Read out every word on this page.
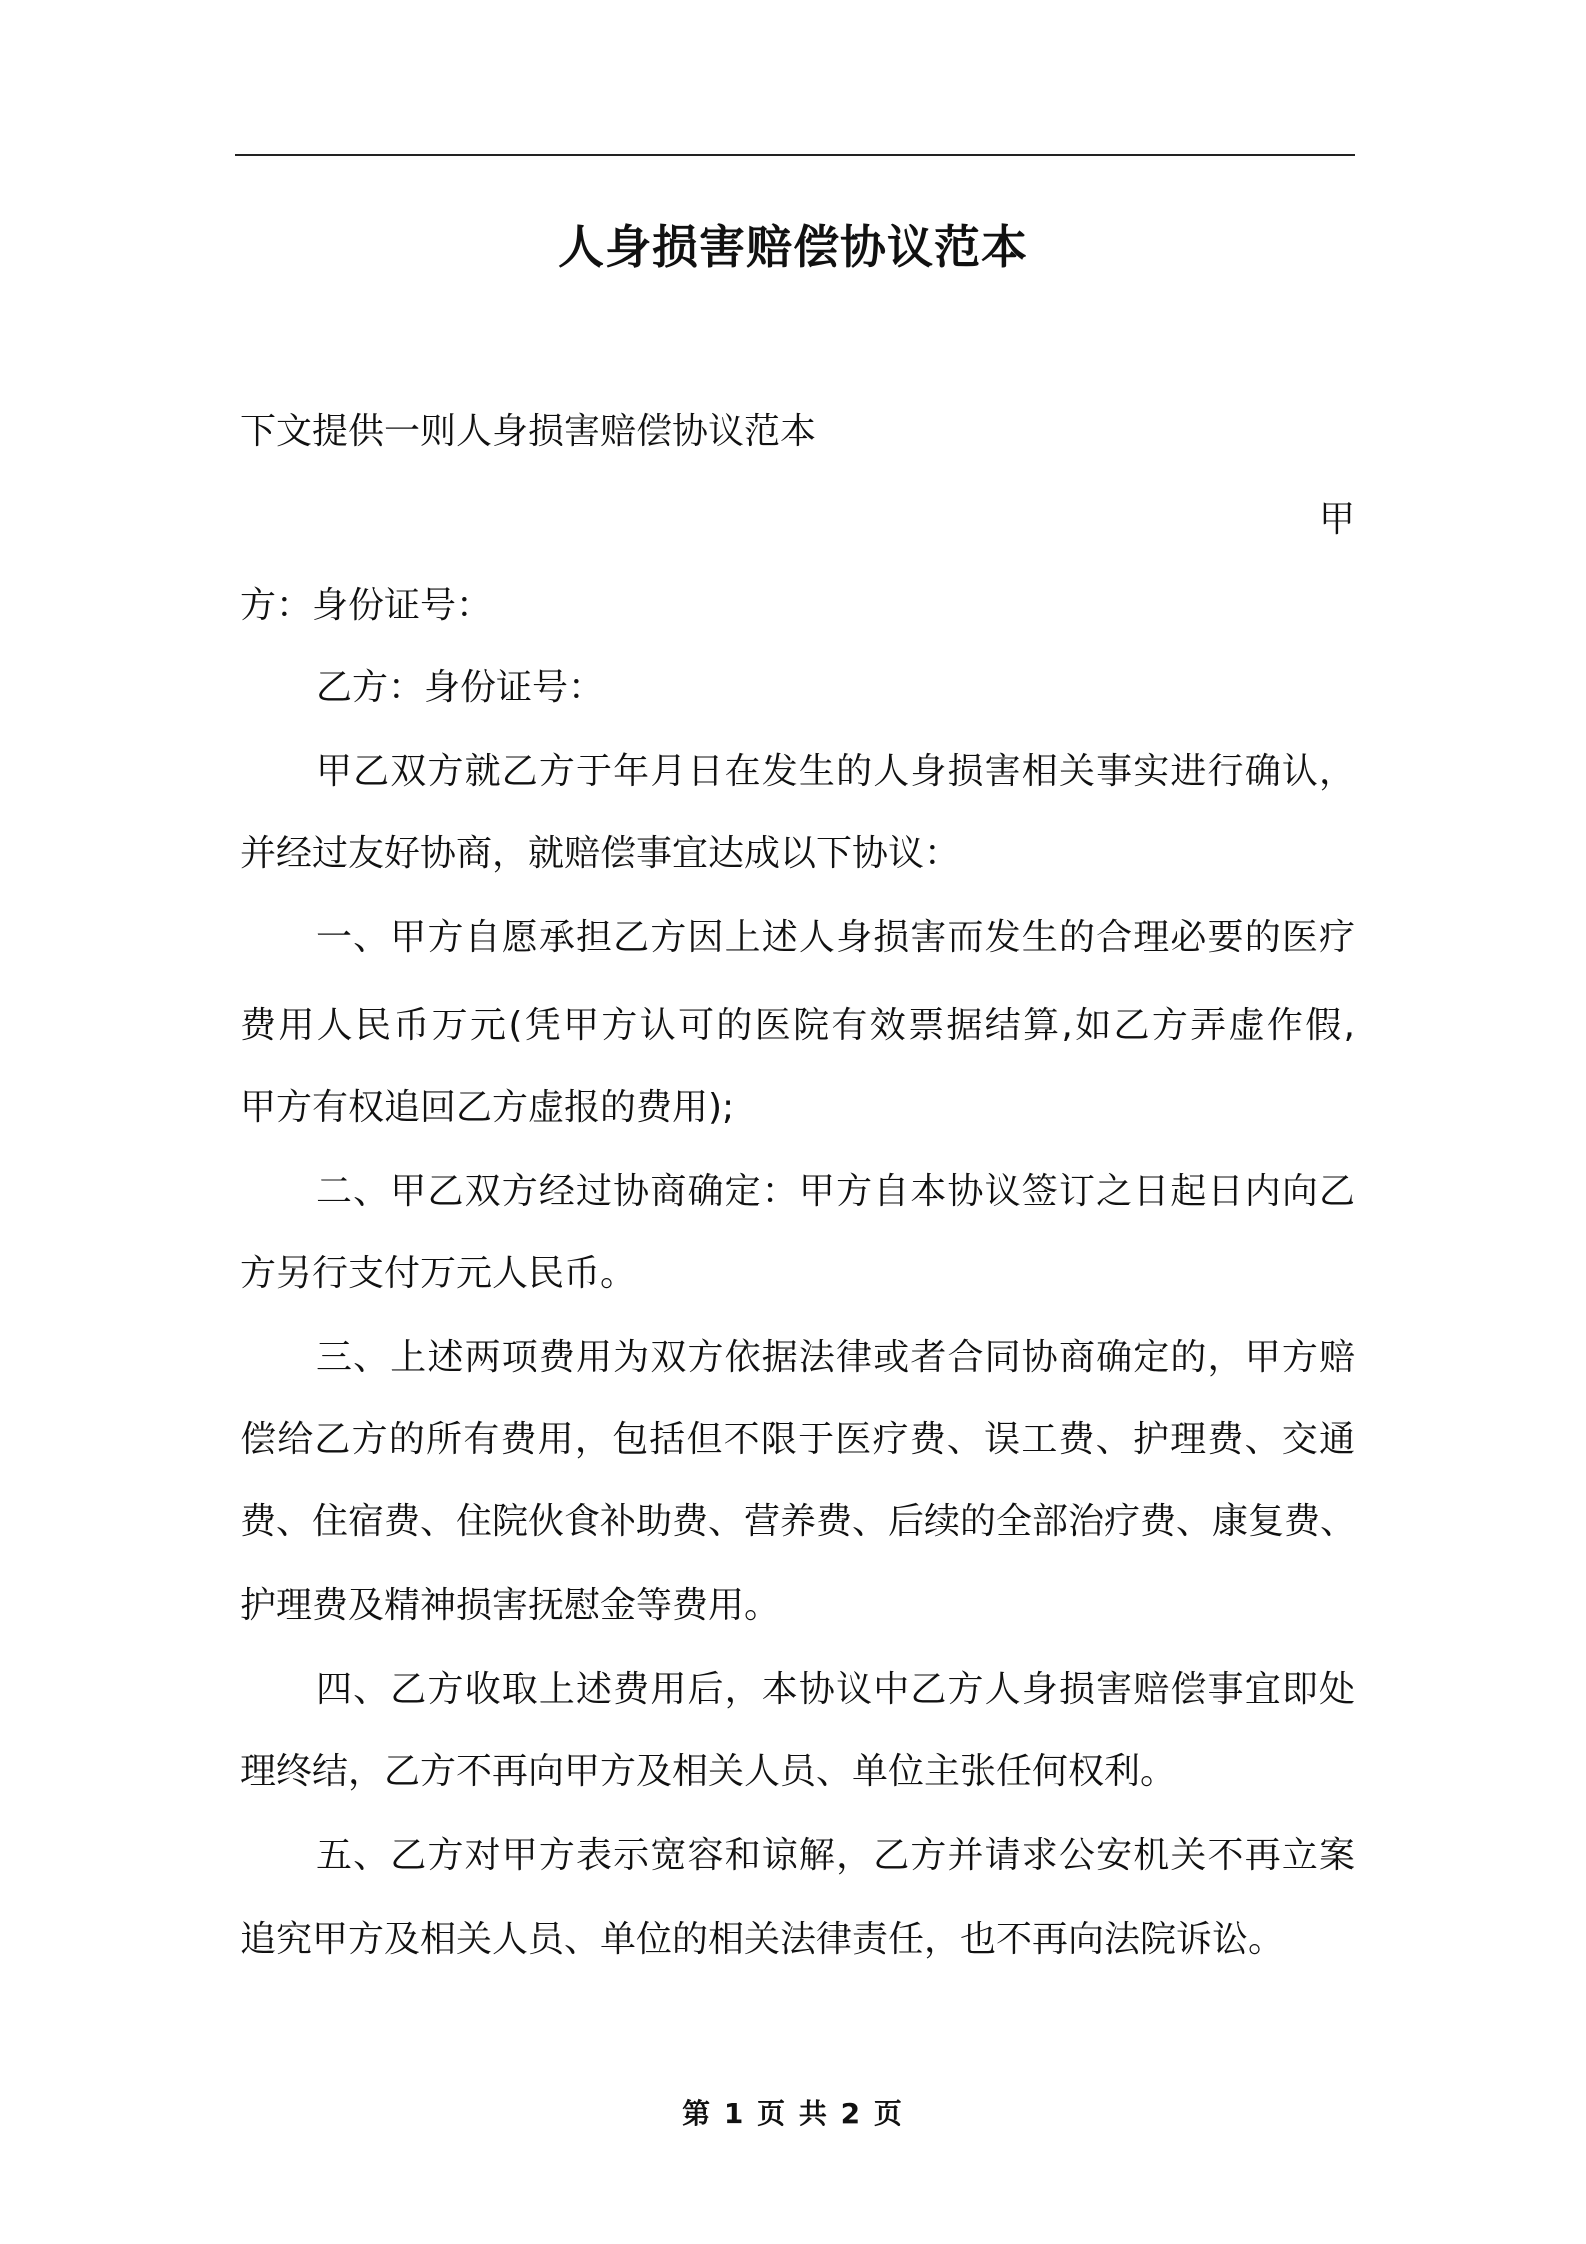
人身损害赔偿协议范本
下文提供一则人身损害赔偿协议范本
甲
方：身份证号：
乙方：身份证号：
甲乙双方就乙方于年月日在发生的人身损害相关事实进行确认，
并经过友好协商，就赔偿事宜达成以下协议：
一、甲方自愿承担乙方因上述人身损害而发生的合理必要的医疗
费用人民币万元(凭甲方认可的医院有效票据结算,如乙方弄虚作假,
甲方有权追回乙方虚报的费用);
二、甲乙双方经过协商确定：甲方自本协议签订之日起日内向乙
方另行支付万元人民币。
三、上述两项费用为双方依据法律或者合同协商确定的，甲方赔
偿给乙方的所有费用，包括但不限于医疗费、误工费、护理费、交通
费、住宿费、住院伙食补助费、营养费、后续的全部治疗费、康复费、
护理费及精神损害抚慰金等费用。
四、乙方收取上述费用后，本协议中乙方人身损害赔偿事宜即处
理终结，乙方不再向甲方及相关人员、单位主张任何权利。
五、乙方对甲方表示宽容和谅解，乙方并请求公安机关不再立案
追究甲方及相关人员、单位的相关法律责任，也不再向法院诉讼。
第 1 页 共 2 页
